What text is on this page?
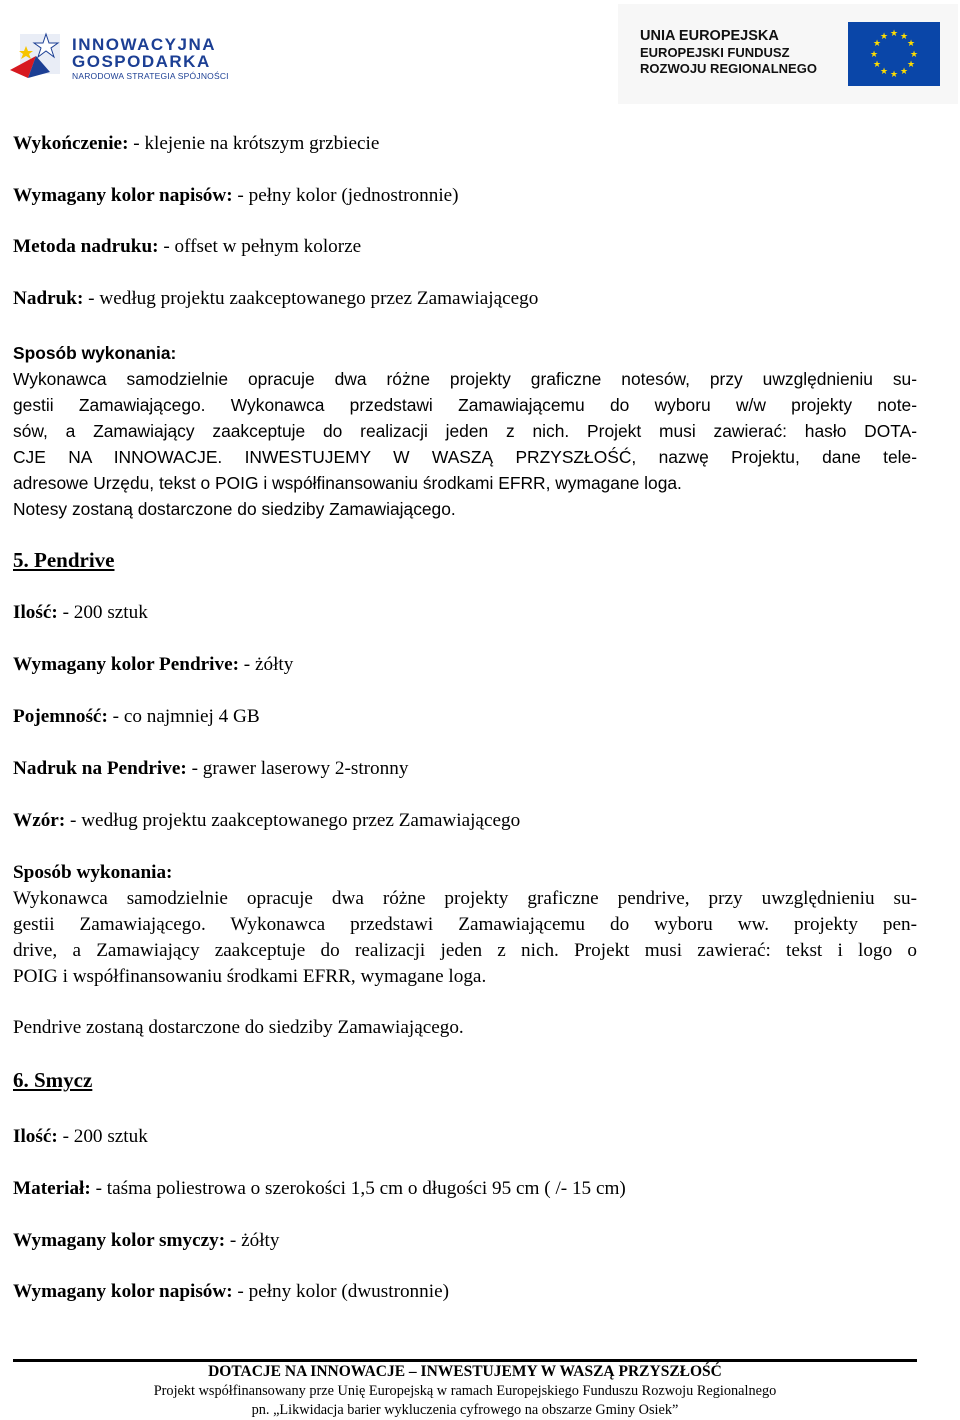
INNOWACYJNA
GOSPODARKA
NARODOWA STRATEGIA SPÓJNOŚCI
UNIA EUROPEJSKA
EUROPEJSKI FUNDUSZ
ROZWOJU REGIONALNEGO
★ ★
★
★
★
★
★
★
★
★
★
★
Wykończenie: - klejenie na krótszym grzbiecie
Wymagany kolor napisów: - pełny kolor (jednostronnie)
Metoda nadruku: - offset w pełnym kolorze
Nadruk: - według projektu zaakceptowanego przez Zamawiającego
Sposób wykonania:
Wykonawca samodzielnie opracuje dwa różne projekty graficzne notesów, przy uwzględnieniu su-
gestii Zamawiającego. Wykonawca przedstawi Zamawiającemu do wyboru w/w projekty note-
sów, a Zamawiający zaakceptuje do realizacji jeden z nich. Projekt musi zawierać: hasło DOTA-
CJE NA INNOWACJE. INWESTUJEMY W WASZĄ PRZYSZŁOŚĆ, nazwę Projektu, dane tele-
adresowe Urzędu, tekst o POIG i współfinansowaniu środkami EFRR, wymagane loga.
Notesy zostaną dostarczone do siedziby Zamawiającego.
5. Pendrive
Ilość: - 200 sztuk
Wymagany kolor Pendrive: - żółty
Pojemność: - co najmniej 4 GB
Nadruk na Pendrive: - grawer laserowy 2-stronny
Wzór: - według projektu zaakceptowanego przez Zamawiającego
Sposób wykonania:
Wykonawca samodzielnie opracuje dwa różne projekty graficzne pendrive, przy uwzględnieniu su-
gestii Zamawiającego. Wykonawca przedstawi Zamawiającemu do wyboru ww. projekty pen-
drive, a Zamawiający zaakceptuje do realizacji jeden z nich. Projekt musi zawierać: tekst i logo o
POIG i współfinansowaniu środkami EFRR, wymagane loga.
Pendrive zostaną dostarczone do siedziby Zamawiającego.
6. Smycz
Ilość: - 200 sztuk
Materiał: - taśma poliestrowa o szerokości 1,5 cm o długości 95 cm ( /- 15 cm)
Wymagany kolor smyczy: - żółty
Wymagany kolor napisów: - pełny kolor (dwustronnie)
DOTACJE NA INNOWACJE – INWESTUJEMY W WASZĄ PRZYSZŁOŚĆ
Projekt współfinansowany prze Unię Europejską w ramach Europejskiego Funduszu Rozwoju Regionalnego
pn. „Likwidacja barier wykluczenia cyfrowego na obszarze Gminy Osiek”
